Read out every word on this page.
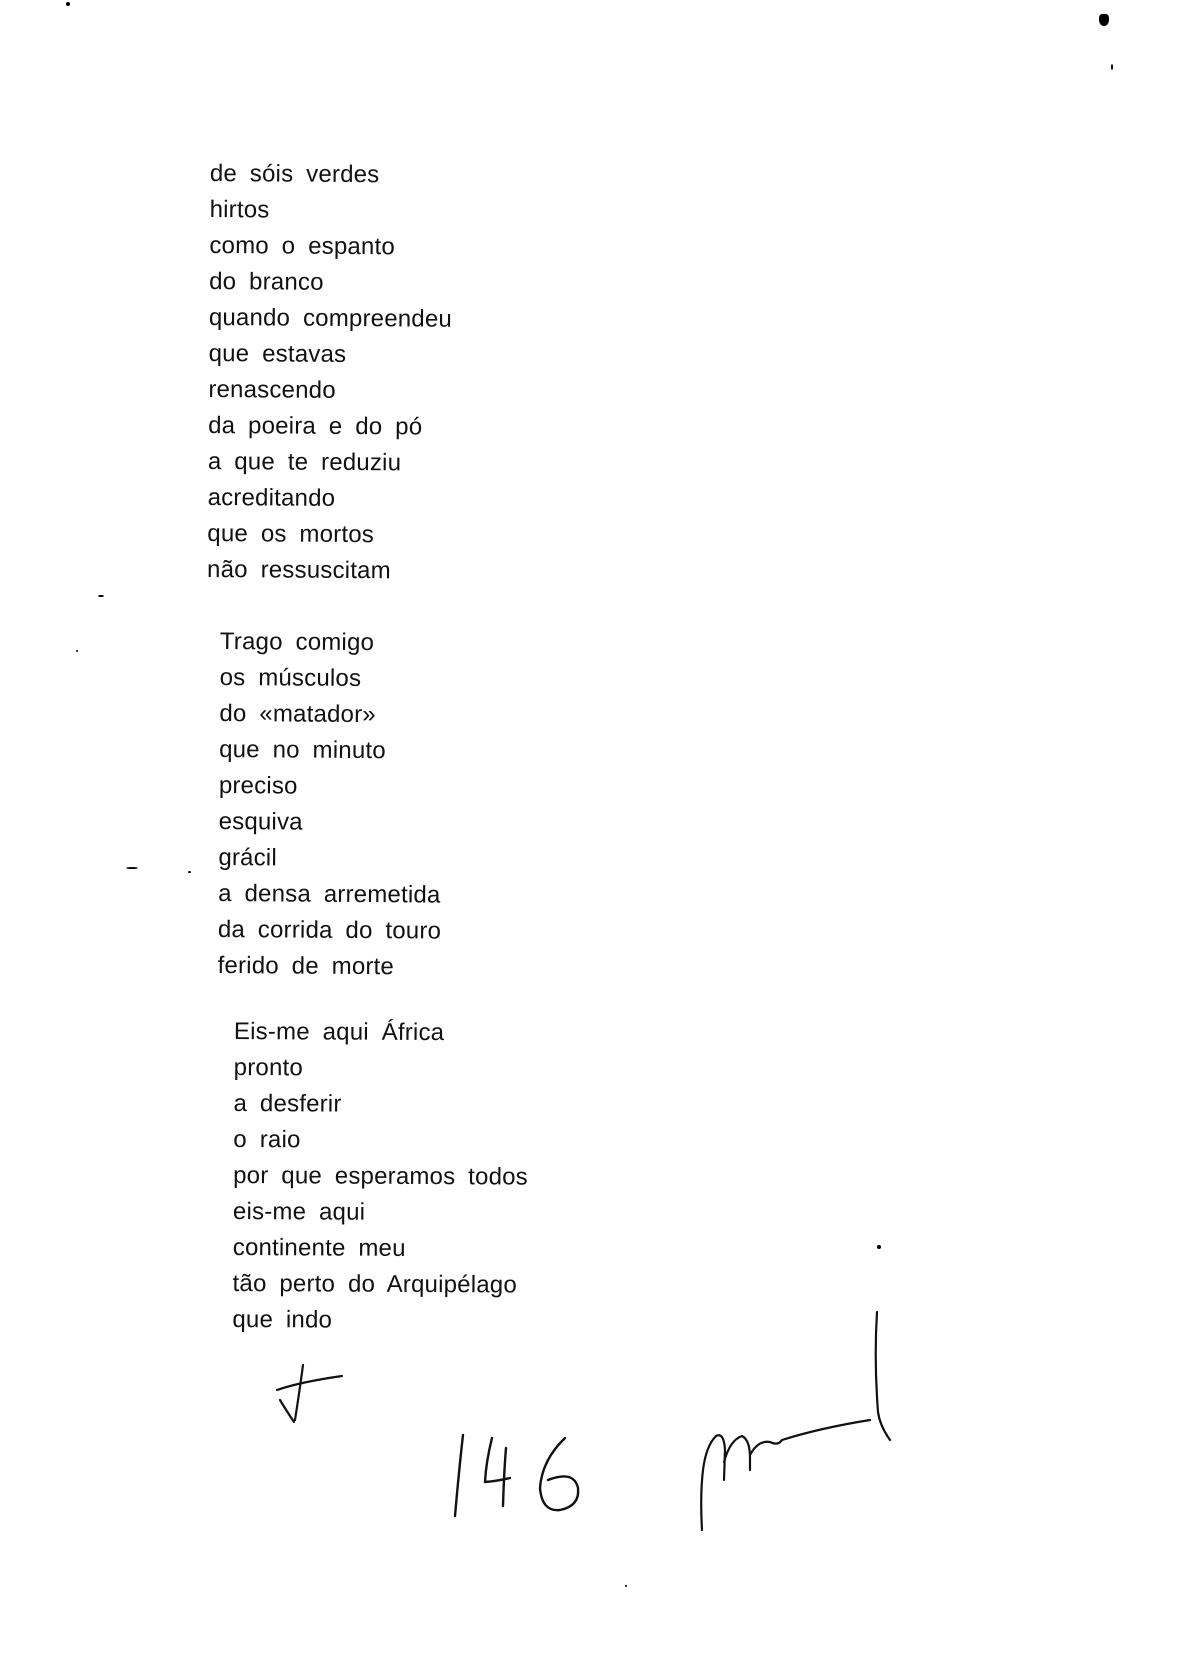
de sóis verdes
hirtos
como o espanto
do branco
quando compreendeu
que estavas
renascendo
da poeira e do pó
a que te reduziu
acreditando
que os mortos
não ressuscitam
Trago comigo
os músculos
do «matador»
que no minuto
preciso
esquiva
grácil
a densa arremetida
da corrida do touro
ferido de morte
Eis-me aqui África
pronto
a desferir
o raio
por que esperamos todos
eis-me aqui
continente meu
tão perto do Arquipélago
que indo
